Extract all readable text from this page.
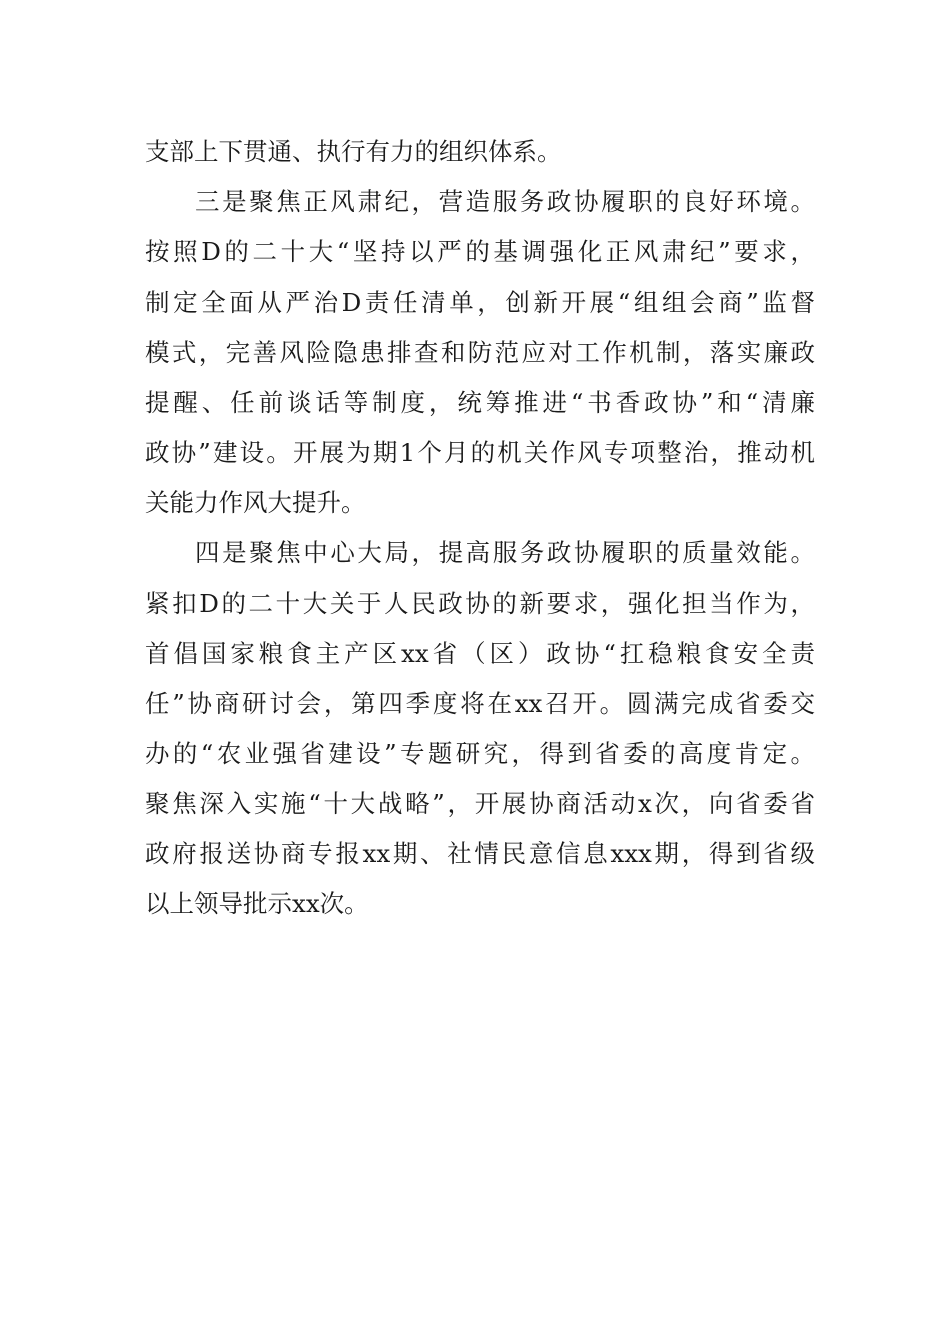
支部上下贯通、执行有力的组织体系。
三是聚焦正风肃纪，营造服务政协履职的良好环境。
按照D的二十大“坚持以严的基调强化正风肃纪”要求，
制定全面从严治D责任清单，创新开展“组组会商”监督
模式，完善风险隐患排查和防范应对工作机制，落实廉政
提醒、任前谈话等制度，统筹推进“书香政协”和“清廉
政协”建设。开展为期1个月的机关作风专项整治，推动机
关能力作风大提升。
四是聚焦中心大局，提高服务政协履职的质量效能。
紧扣D的二十大关于人民政协的新要求，强化担当作为，
首倡国家粮食主产区xx省（区）政协“扛稳粮食安全责
任”协商研讨会，第四季度将在xx召开。圆满完成省委交
办的“农业强省建设”专题研究，得到省委的高度肯定。
聚焦深入实施“十大战略”，开展协商活动x次，向省委省
政府报送协商专报xx期、社情民意信息xxx期，得到省级
以上领导批示xx次。
